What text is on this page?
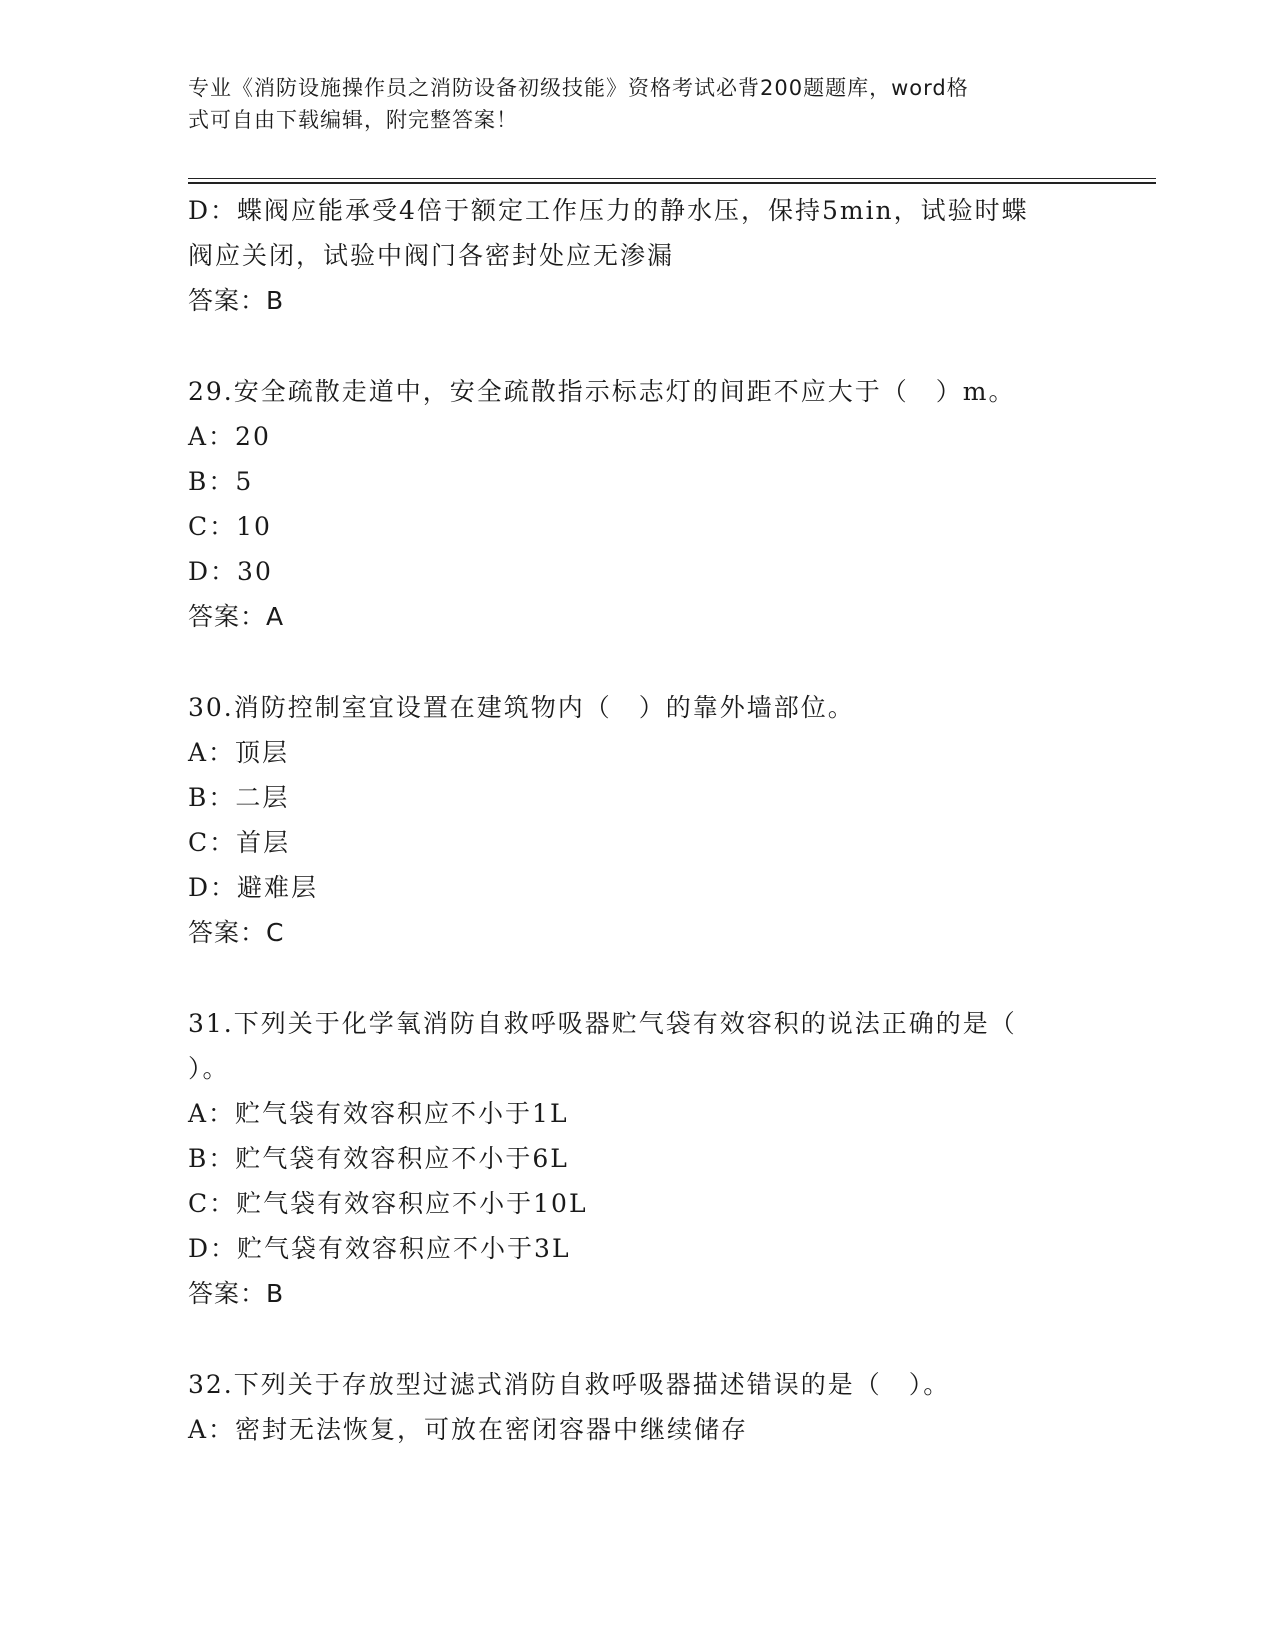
专业《消防设施操作员之消防设备初级技能》资格考试必背200题题库，word格
式可自由下载编辑，附完整答案！
D：蝶阀应能承受4倍于额定工作压力的静水压，保持5min，试验时蝶
阀应关闭，试验中阀门各密封处应无渗漏
答案：B
29.安全疏散走道中，安全疏散指示标志灯的间距不应大于（　）m。
A：20
B：5
C：10
D：30
答案：A
30.消防控制室宜设置在建筑物内（　）的靠外墙部位。
A：顶层
B：二层
C：首层
D：避难层
答案：C
31.下列关于化学氧消防自救呼吸器贮气袋有效容积的说法正确的是（
）。
A：贮气袋有效容积应不小于1L
B：贮气袋有效容积应不小于6L
C：贮气袋有效容积应不小于10L
D：贮气袋有效容积应不小于3L
答案：B
32.下列关于存放型过滤式消防自救呼吸器描述错误的是（　）。
A：密封无法恢复，可放在密闭容器中继续储存
